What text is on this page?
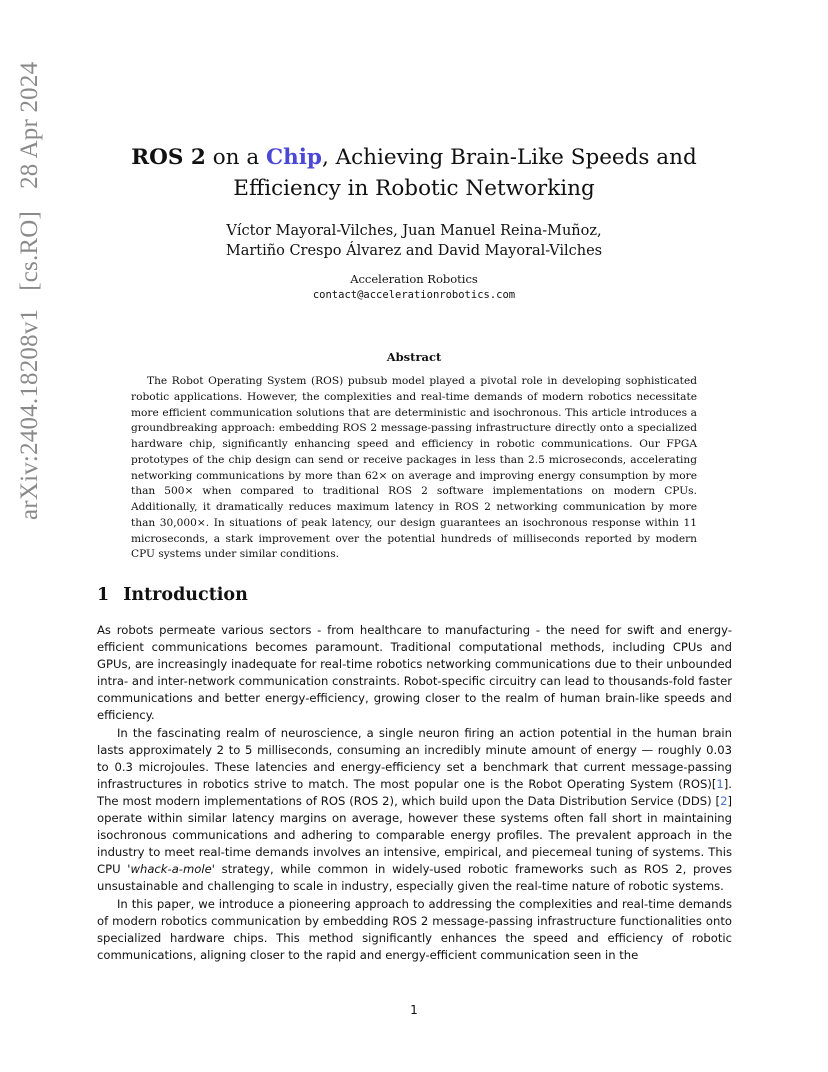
arXiv:2404.18208v1[cs.RO]28 Apr 2024	ROS 2 on a Chip, Achieving Brain-Like Speeds and
Efficiency in Robotic Networking
Víctor Mayoral-Vilches, Juan Manuel Reina-Muñoz,
Martiño Crespo Álvarez and David Mayoral-Vilches
Acceleration Robotics
contact@accelerationrobotics.com
Abstract

The Robot Operating System (ROS) pubsub model played a pivotal role in developing sophisticated robotic applications. However, the complexities and real-time demands of modern robotics necessitate more efficient communication solutions that are deterministic and isochronous. This article introduces a groundbreaking approach: embedding ROS 2 message-passing infrastructure directly onto a specialized hardware chip, significantly enhancing speed and efficiency in robotic communications. Our FPGA prototypes of the chip design can send or receive packages in less than 2.5 microseconds, accelerating networking communications by more than 62× on average and improving energy consumption by more than 500× when compared to traditional ROS 2 software implementations on modern CPUs. Additionally, it dramatically reduces maximum latency in ROS 2 networking communication by more than 30,000×. In situations of peak latency, our design guarantees an isochronous response within 11 microseconds, a stark improvement over the potential hundreds of milliseconds reported by modern CPU systems under similar conditions.

1 Introduction

As robots permeate various sectors - from healthcare to manufacturing - the need for swift and energy-efficient communications becomes paramount. Traditional computational methods, including CPUs and GPUs, are increasingly inadequate for real-time robotics networking communications due to their unbounded intra- and inter-network communication constraints. Robot-specific circuitry can lead to thousands-fold faster communications and better energy-efficiency, growing closer to the realm of human brain-like speeds and efficiency.

In the fascinating realm of neuroscience, a single neuron firing an action potential in the human brain lasts approximately 2 to 5 milliseconds, consuming an incredibly minute amount of energy — roughly 0.03 to 0.3 microjoules. These latencies and energy-efficiency set a benchmark that current message-passing infrastructures in robotics strive to match. The most popular one is the Robot Operating System (ROS)[1]. The most modern implementations of ROS (ROS 2), which build upon the Data Distribution Service (DDS) [2] operate within similar latency margins on average, however these systems often fall short in maintaining isochronous communications and adhering to comparable energy profiles. The prevalent approach in the industry to meet real-time demands involves an intensive, empirical, and piecemeal tuning of systems. This CPU 'whack-a-mole' strategy, while common in widely-used robotic frameworks such as ROS 2, proves unsustainable and challenging to scale in industry, especially given the real-time nature of robotic systems.

In this paper, we introduce a pioneering approach to addressing the complexities and real-time demands of modern robotics communication by embedding ROS 2 message-passing infrastructure functionalities onto specialized hardware chips. This method significantly enhances the speed and efficiency of robotic communications, aligning closer to the rapid and energy-efficient communication seen in the

1
